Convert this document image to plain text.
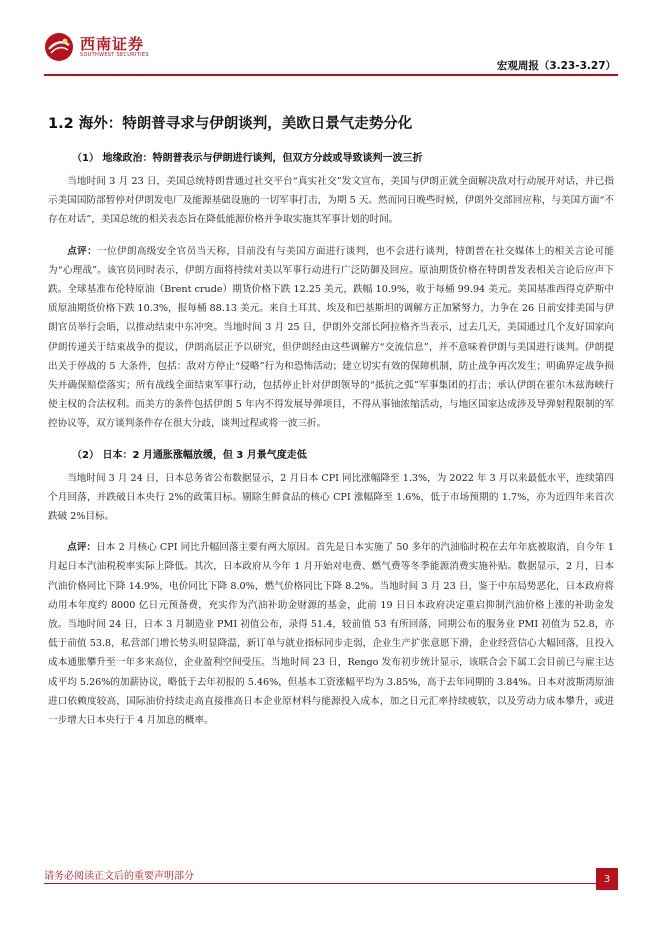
西南证券
SOUTHWEST SECURITIES
宏观周报（3.23-3.27）
1.2 海外：特朗普寻求与伊朗谈判，美欧日景气走势分化
（1） 地缘政治：特朗普表示与伊朗进行谈判，但双方分歧或导致谈判一波三折

当地时间 3 月 23 日，美国总统特朗普通过社交平台“真实社交”发文宣布，美国与伊朗正就全面解决敌对行动展开对话，并已指示美国国防部暂停对伊朗发电厂及能源基础设施的一切军事打击，为期 5 天。然而同日晚些时候，伊朗外交部回应称，与美国方面“不存在对话”，美国总统的相关表态旨在降低能源价格并争取实施其军事计划的时间。

点评：一位伊朗高级安全官员当天称，目前没有与美国方面进行谈判，也不会进行谈判，特朗普在社交媒体上的相关言论可能为“心理战”。该官员同时表示，伊朗方面将持续对美以军事行动进行广泛防御及回应。原油期货价格在特朗普发表相关言论后应声下跌。全球基准布伦特原油（Brent crude）期货价格下跌 12.25 美元，跌幅 10.9%，收于每桶 99.94 美元。美国基准西得克萨斯中质原油期货价格下跌 10.3%，报每桶 88.13 美元。来自土耳其、埃及和巴基斯坦的调解方正加紧努力，力争在 26 日前安排美国与伊朗官员举行会晤，以推动结束中东冲突。当地时间 3 月 25 日，伊朗外交部长阿拉格齐当表示，过去几天，美国通过几个友好国家向伊朗传递关于结束战争的提议，伊朗高层正予以研究，但伊朗经由这些调解方“交流信息”，并不意味着伊朗与美国进行谈判。伊朗提出关于停战的 5 大条件，包括：敌对方停止“侵略”行为和恐怖活动；建立切实有效的保障机制，防止战争再次发生；明确界定战争损失并确保赔偿落实；所有战线全面结束军事行动，包括停止针对伊朗领导的“抵抗之弧”军事集团的打击；承认伊朗在霍尔木兹海峡行使主权的合法权利。而美方的条件包括伊朗 5 年内不得发展导弹项目，不得从事铀浓缩活动，与地区国家达成涉及导弹射程限制的军控协议等，双方谈判条件存在很大分歧，谈判过程或将一波三折。

（2） 日本：2 月通胀涨幅放缓，但 3 月景气度走低

当地时间 3 月 24 日，日本总务省公布数据显示，2 月日本 CPI 同比涨幅降至 1.3%，为 2022 年 3 月以来最低水平，连续第四个月回落，并跌破日本央行 2%的政策目标。剔除生鲜食品的核心 CPI 涨幅降至 1.6%，低于市场预期的 1.7%，亦为近四年来首次跌破 2%目标。

点评：日本 2 月核心 CPI 同比升幅回落主要有两大原因。首先是日本实施了 50 多年的汽油临时税在去年年底被取消，自今年 1 月起日本汽油税税率实际上降低。其次，日本政府从今年 1 月开始对电费、燃气费等冬季能源消费实施补贴。数据显示，2 月，日本汽油价格同比下降 14.9%，电价同比下降 8.0%，燃气价格同比下降 8.2%。当地时间 3 月 23 日，鉴于中东局势恶化，日本政府将动用本年度约 8000 亿日元预备费，充实作为汽油补助金财源的基金，此前 19 日日本政府决定重启抑制汽油价格上涨的补助金发放。当地时间 24 日，日本 3 月制造业 PMI 初值公布，录得 51.4，较前值 53 有所回落，同期公布的服务业 PMI 初值为 52.8，亦低于前值 53.8，私营部门增长势头明显降温，新订单与就业指标同步走弱，企业生产扩张意愿下滑，企业经营信心大幅回落，且投入成本通胀攀升至一年多来高位，企业盈利空间受压。当地时间 23 日，Rengo 发布初步统计显示，该联合会下属工会目前已与雇主达成平均 5.26%的加薪协议，略低于去年初报的 5.46%，但基本工资涨幅平均为 3.85%，高于去年同期的 3.84%。日本对波斯湾原油进口依赖度较高，国际油价持续走高直接推高日本企业原材料与能源投入成本，加之日元汇率持续疲软，以及劳动力成本攀升，或进一步增大日本央行于 4 月加息的概率。

请务必阅读正文后的重要声明部分	3
